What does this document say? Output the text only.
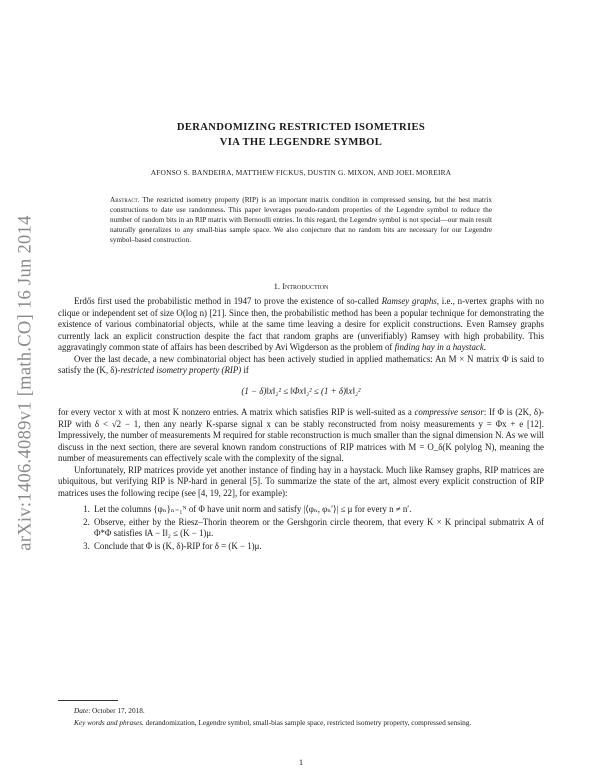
arXiv:1406.4089v1 [math.CO] 16 Jun 2014
DERANDOMIZING RESTRICTED ISOMETRIES
VIA THE LEGENDRE SYMBOL
AFONSO S. BANDEIRA, MATTHEW FICKUS, DUSTIN G. MIXON, AND JOEL MOREIRA
Abstract. The restricted isometry property (RIP) is an important matrix condition in compressed sensing, but the best matrix constructions to date use randomness. This paper leverages pseudo-random properties of the Legendre symbol to reduce the number of random bits in an RIP matrix with Bernoulli entries. In this regard, the Legendre symbol is not special—our main result naturally generalizes to any small-bias sample space. We also conjecture that no random bits are necessary for our Legendre symbol–based construction.
1. Introduction

Erdős first used the probabilistic method in 1947 to prove the existence of so-called Ramsey graphs, i.e., n-vertex graphs with no clique or independent set of size O(log n) [21]. Since then, the probabilistic method has been a popular technique for demonstrating the existence of various combinatorial objects, while at the same time leaving a desire for explicit constructions. Even Ramsey graphs currently lack an explicit construction despite the fact that random graphs are (unverifiably) Ramsey with high probability. This aggravatingly common state of affairs has been described by Avi Wigderson as the problem of finding hay in a haystack.

Over the last decade, a new combinatorial object has been actively studied in applied mathematics: An M × N matrix Φ is said to satisfy the (K, δ)-restricted isometry property (RIP) if

(1 − δ)‖x‖₂² ≤ ‖Φx‖₂² ≤ (1 + δ)‖x‖₂²

for every vector x with at most K nonzero entries. A matrix which satisfies RIP is well-suited as a compressive sensor: If Φ is (2K, δ)-RIP with δ < √2 − 1, then any nearly K-sparse signal x can be stably reconstructed from noisy measurements y = Φx + e [12]. Impressively, the number of measurements M required for stable reconstruction is much smaller than the signal dimension N. As we will discuss in the next section, there are several known random constructions of RIP matrices with M = O_δ(K polylog N), meaning the number of measurements can effectively scale with the complexity of the signal.

Unfortunately, RIP matrices provide yet another instance of finding hay in a haystack. Much like Ramsey graphs, RIP matrices are ubiquitous, but verifying RIP is NP-hard in general [5]. To summarize the state of the art, almost every explicit construction of RIP matrices uses the following recipe (see [4, 19, 22], for example):

1. Let the columns {φₙ}ₙ₌₁ᴺ of Φ have unit norm and satisfy |⟨φₙ, φₙ′⟩| ≤ μ for every n ≠ n′.
2. Observe, either by the Riesz–Thorin theorem or the Gershgorin circle theorem, that every K × K principal submatrix A of Φ*Φ satisfies ‖A − I‖₂ ≤ (K − 1)μ.
3. Conclude that Φ is (K, δ)-RIP for δ = (K − 1)μ.

Date: October 17, 2018.

Key words and phrases. derandomization, Legendre symbol, small-bias sample space, restricted isometry property, compressed sensing.

1
